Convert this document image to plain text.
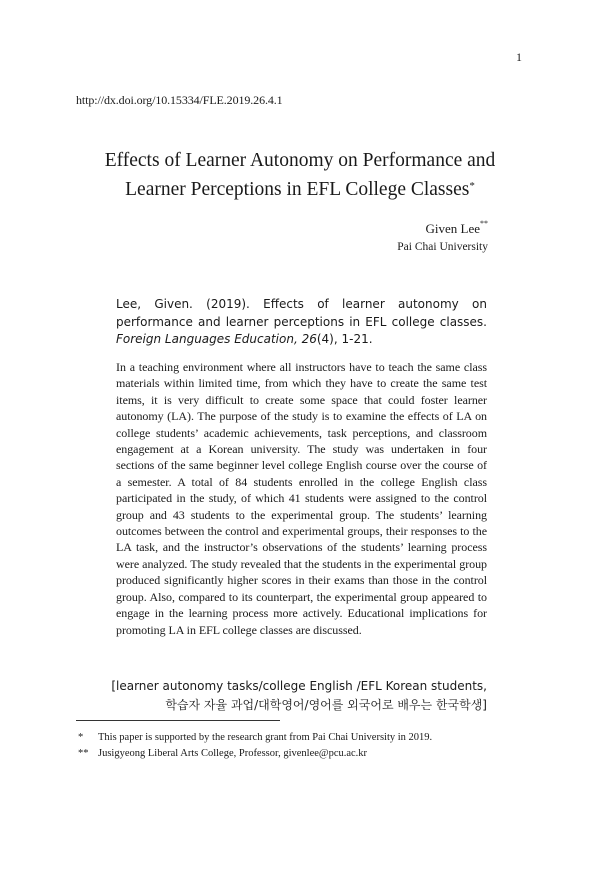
1
http://dx.doi.org/10.15334/FLE.2019.26.4.1
Effects of Learner Autonomy on Performance and
Learner Perceptions in EFL College Classes*
Given Lee**
Pai Chai University

Lee, Given. (2019). Effects of learner autonomy on performance and learner perceptions in EFL college classes. Foreign Languages Education, 26(4), 1-21.

In a teaching environment where all instructors have to teach the same class materials within limited time, from which they have to create the same test items, it is very difficult to create some space that could foster learner autonomy (LA). The purpose of the study is to examine the effects of LA on college students’ academic achievements, task perceptions, and classroom engagement at a Korean university. The study was undertaken in four sections of the same beginner level college English course over the course of a semester. A total of 84 students enrolled in the college English class participated in the study, of which 41 students were assigned to the control group and 43 students to the experimental group. The students’ learning outcomes between the control and experimental groups, their responses to the LA task, and the instructor’s observations of the students’ learning process were analyzed. The study revealed that the students in the experimental group produced significantly higher scores in their exams than those in the control group. Also, compared to its counterpart, the experimental group appeared to engage in the learning process more actively. Educational implications for promoting LA in EFL college classes are discussed.

[learner autonomy tasks/college English /EFL Korean students,
학습자 자율 과업/대학영어/영어를 외국어로 배우는 한국학생]
* This paper is supported by the research grant from Pai Chai University in 2019.
** Jusigyeong Liberal Arts College, Professor, givenlee@pcu.ac.kr
